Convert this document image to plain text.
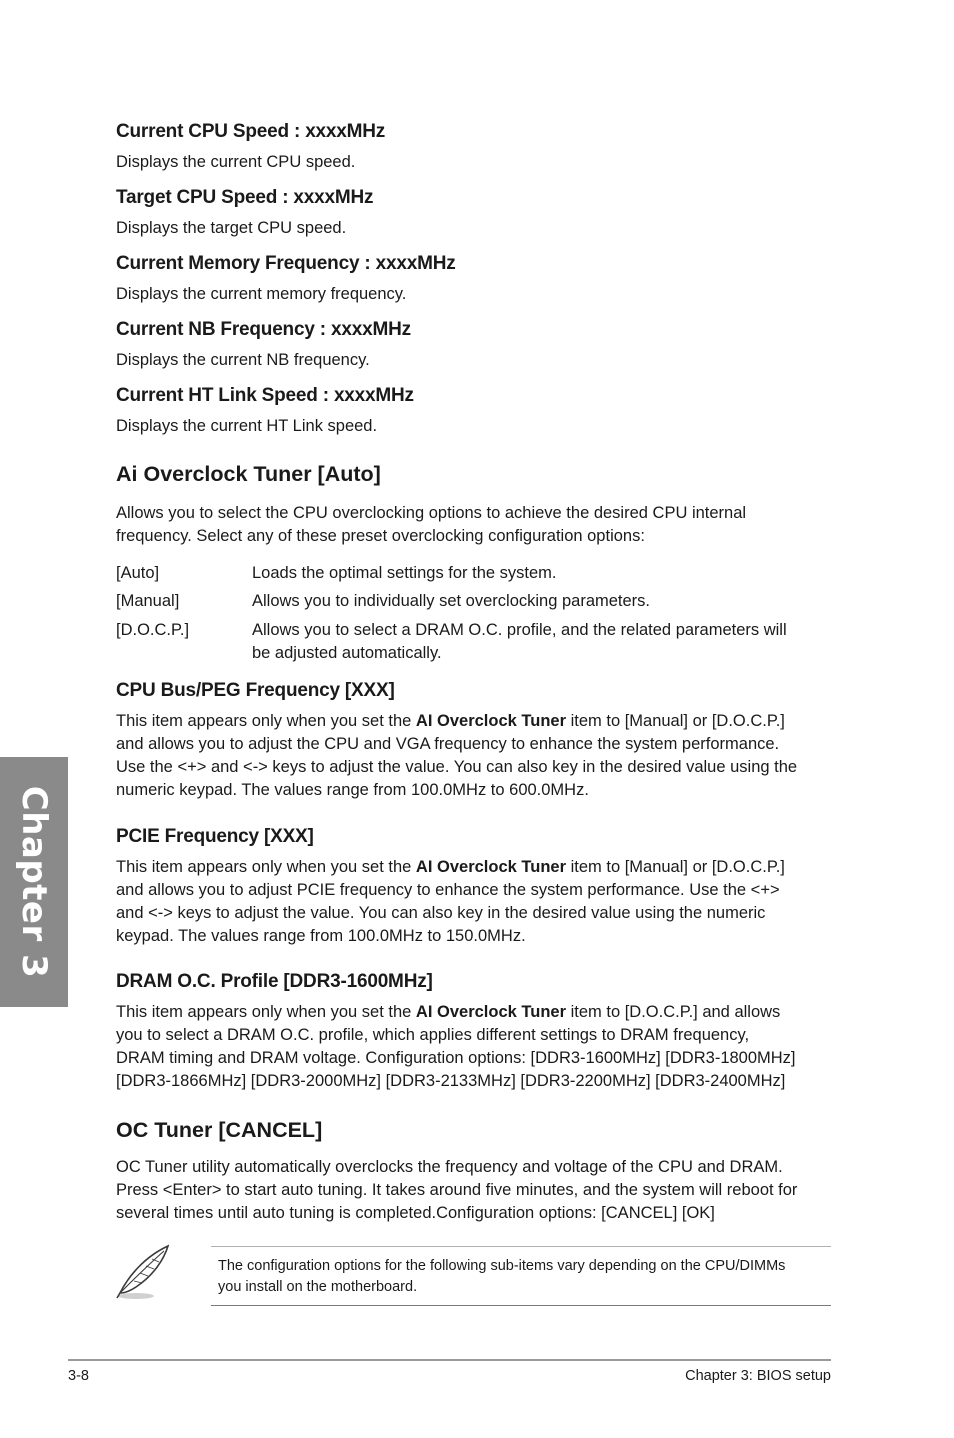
Current CPU Speed : xxxxMHz
Displays the current CPU speed.
Target CPU Speed : xxxxMHz
Displays the target CPU speed.
Current Memory Frequency : xxxxMHz
Displays the current memory frequency.
Current NB Frequency : xxxxMHz
Displays the current NB frequency.
Current HT Link Speed : xxxxMHz
Displays the current HT Link speed.
Ai Overclock Tuner [Auto]
Allows you to select the CPU overclocking options to achieve the desired CPU internal
frequency. Select any of these preset overclocking configuration options:
[Auto]	Loads the optimal settings for the system.
[Manual]	Allows you to individually set overclocking parameters.
[D.O.C.P.]	Allows you to select a DRAM O.C. profile, and the related parameters will
be adjusted automatically.
CPU Bus/PEG Frequency [XXX]
This item appears only when you set the AI Overclock Tuner item to [Manual] or [D.O.C.P.]
and allows you to adjust the CPU and VGA frequency to enhance the system performance.
Use the <+> and <-> keys to adjust the value. You can also key in the desired value using the
numeric keypad. The values range from 100.0MHz to 600.0MHz.
PCIE Frequency [XXX]
This item appears only when you set the AI Overclock Tuner item to [Manual] or [D.O.C.P.]
and allows you to adjust PCIE frequency to enhance the system performance. Use the <+>
and <-> keys to adjust the value. You can also key in the desired value using the numeric
keypad. The values range from 100.0MHz to 150.0MHz.
DRAM O.C. Profile [DDR3-1600MHz]
This item appears only when you set the AI Overclock Tuner item to [D.O.C.P.] and allows
you to select a DRAM O.C. profile, which applies different settings to DRAM frequency,
DRAM timing and DRAM voltage. Configuration options: [DDR3-1600MHz] [DDR3-1800MHz]
[DDR3-1866MHz] [DDR3-2000MHz] [DDR3-2133MHz] [DDR3-2200MHz] [DDR3-2400MHz]
OC Tuner [CANCEL]
OC Tuner utility automatically overclocks the frequency and voltage of the CPU and DRAM.
Press <Enter> to start auto tuning. It takes around five minutes, and the system will reboot for
several times until auto tuning is completed.Configuration options: [CANCEL] [OK]
The configuration options for the following sub-items vary depending on the CPU/DIMMs
you install on the motherboard.
Chapter 3
3-8	Chapter 3: BIOS setup
